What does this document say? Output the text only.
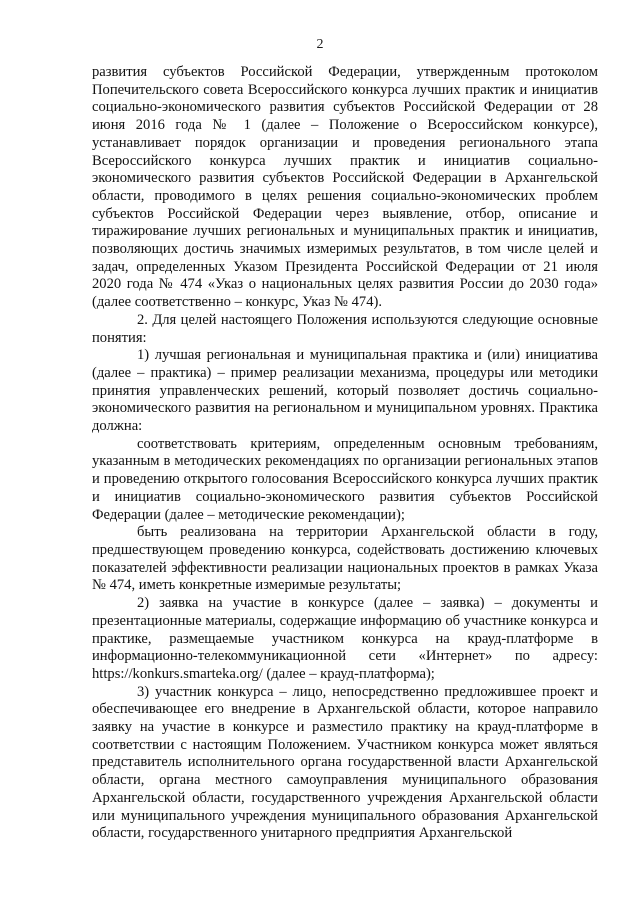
2

развития субъектов Российской Федерации, утвержденным протоколом Попечительского совета Всероссийского конкурса лучших практик и инициатив социально-экономического развития субъектов Российской Федерации от 28 июня 2016 года № 1 (далее – Положение о Всероссийском конкурсе), устанавливает порядок организации и проведения регионального этапа Всероссийского конкурса лучших практик и инициатив социально-экономического развития субъектов Российской Федерации в Архангельской области, проводимого в целях решения социально-экономических проблем субъектов Российской Федерации через выявление, отбор, описание и тиражирование лучших региональных и муниципальных практик и инициатив, позволяющих достичь значимых измеримых результатов, в том числе целей и задач, определенных Указом Президента Российской Федерации от 21 июля 2020 года № 474 «Указ о национальных целях развития России до 2030 года» (далее соответственно – конкурс, Указ № 474).

2. Для целей настоящего Положения используются следующие основные понятия:

1) лучшая региональная и муниципальная практика и (или) инициатива (далее – практика) – пример реализации механизма, процедуры или методики принятия управленческих решений, который позволяет достичь социально-экономического развития на региональном и муниципальном уровнях. Практика должна:

соответствовать критериям, определенным основным требованиям, указанным в методических рекомендациях по организации региональных этапов и проведению открытого голосования Всероссийского конкурса лучших практик и инициатив социально-экономического развития субъектов Российской Федерации (далее – методические рекомендации);

быть реализована на территории Архангельской области в году, предшествующем проведению конкурса, содействовать достижению ключевых показателей эффективности реализации национальных проектов в рамках Указа № 474, иметь конкретные измеримые результаты;

2) заявка на участие в конкурсе (далее – заявка) – документы и презентационные материалы, содержащие информацию об участнике конкурса и практике, размещаемые участником конкурса на крауд-платформе в информационно-телекоммуникационной сети «Интернет» по адресу: https://konkurs.smarteka.org/ (далее – крауд-платформа);

3) участник конкурса – лицо, непосредственно предложившее проект и обеспечивающее его внедрение в Архангельской области, которое направило заявку на участие в конкурсе и разместило практику на крауд-платформе в соответствии с настоящим Положением. Участником конкурса может являться представитель исполнительного органа государственной власти Архангельской области, органа местного самоуправления муниципального образования Архангельской области, государственного учреждения Архангельской области или муниципального учреждения муниципального образования Архангельской области, государственного унитарного предприятия Архангельской
